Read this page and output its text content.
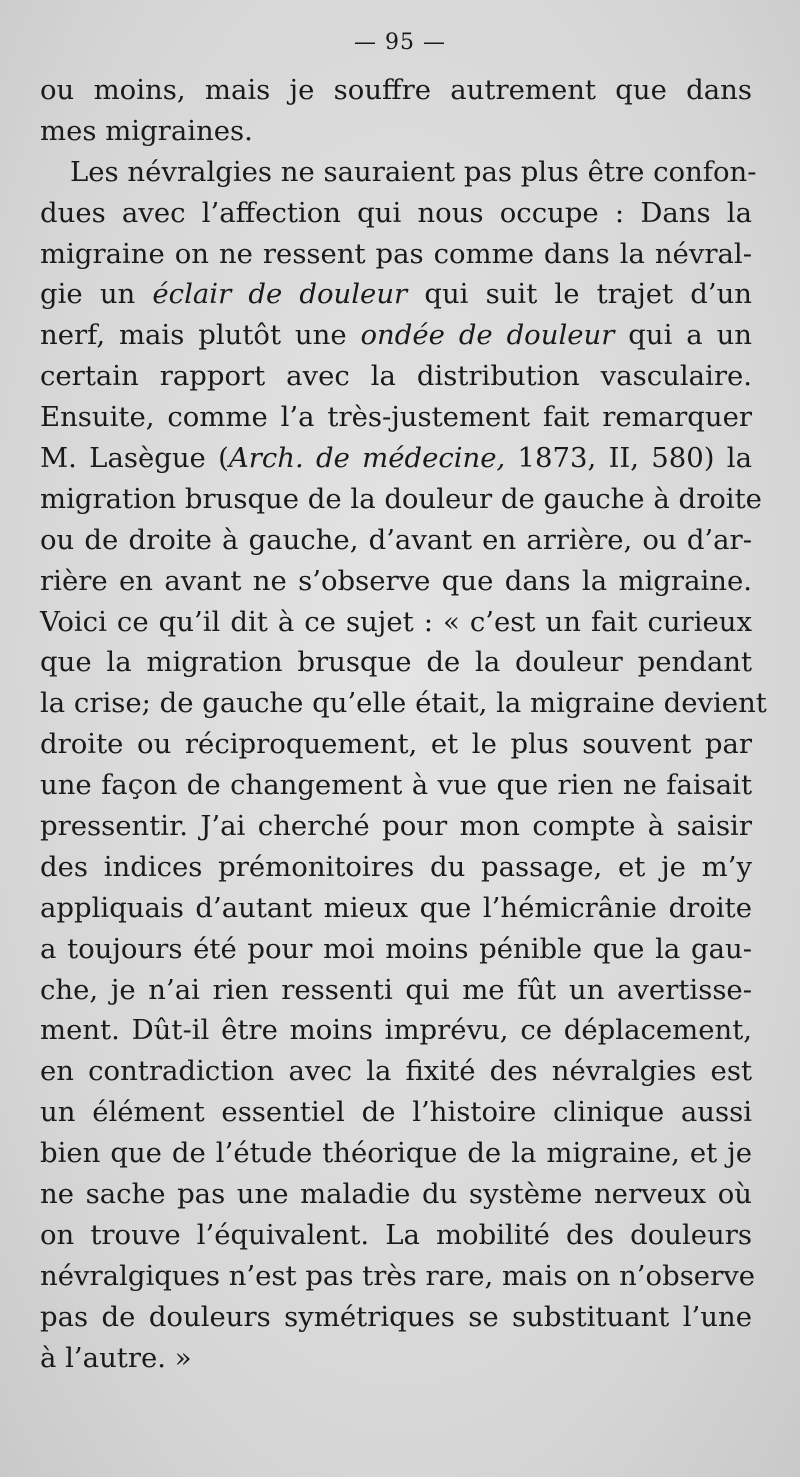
— 95 —
ou moins, mais je souffre autrement que dans
mes migraines.
Les névralgies ne sauraient pas plus être confon-
dues avec l’affection qui nous occupe : Dans la
migraine on ne ressent pas comme dans la névral-
gie un éclair de douleur qui suit le trajet d’un
nerf, mais plutôt une ondée de douleur qui a un
certain rapport avec la distribution vasculaire.
Ensuite, comme l’a très-justement fait remarquer
M. Lasègue (Arch. de médecine, 1873, II, 580) la
migration brusque de la douleur de gauche à droite
ou de droite à gauche, d’avant en arrière, ou d’ar-
rière en avant ne s’observe que dans la migraine.
Voici ce qu’il dit à ce sujet : « c’est un fait curieux
que la migration brusque de la douleur pendant
la crise; de gauche qu’elle était, la migraine devient
droite ou réciproquement, et le plus souvent par
une façon de changement à vue que rien ne faisait
pressentir. J’ai cherché pour mon compte à saisir
des indices prémonitoires du passage, et je m’y
appliquais d’autant mieux que l’hémicrânie droite
a toujours été pour moi moins pénible que la gau-
che, je n’ai rien ressenti qui me fût un avertisse-
ment. Dût-il être moins imprévu, ce déplacement,
en contradiction avec la fixité des névralgies est
un élément essentiel de l’histoire clinique aussi
bien que de l’étude théorique de la migraine, et je
ne sache pas une maladie du système nerveux où
on trouve l’équivalent. La mobilité des douleurs
névralgiques n’est pas très rare, mais on n’observe
pas de douleurs symétriques se substituant l’une
à l’autre. »
